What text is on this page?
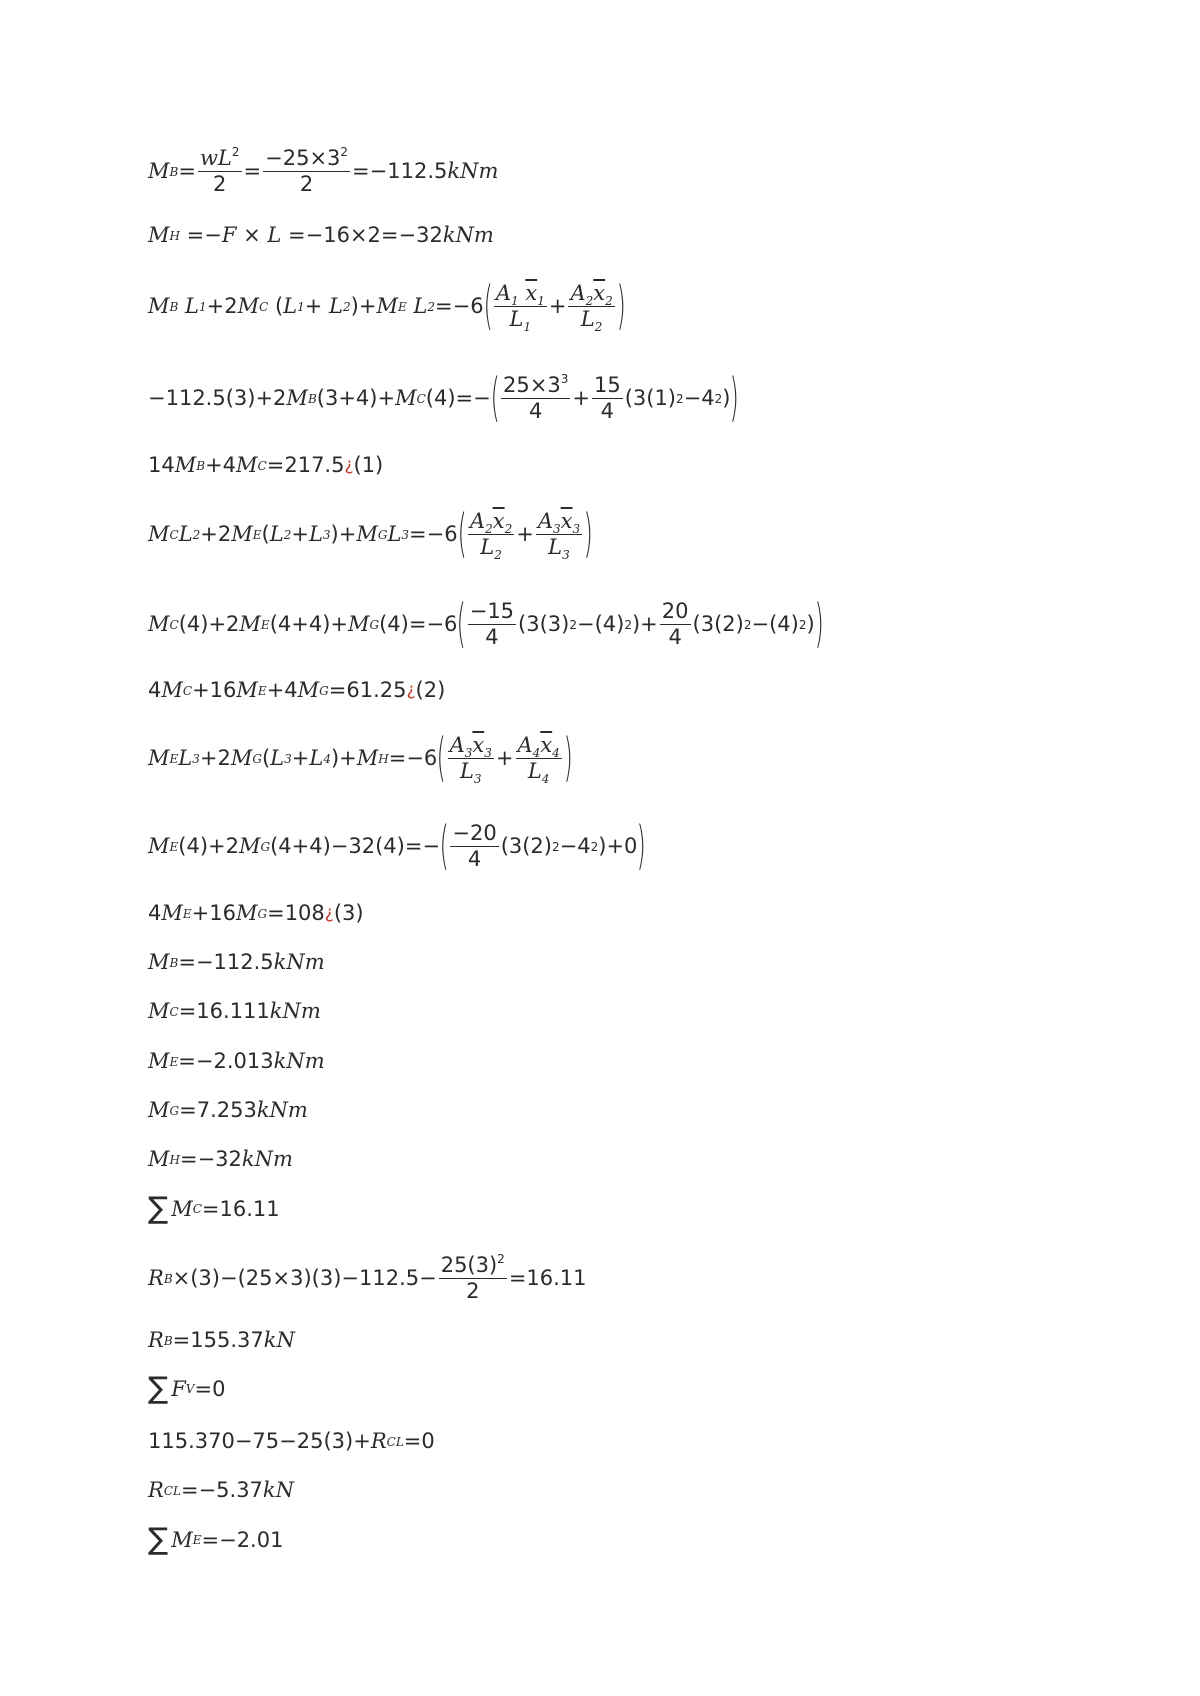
M B =
$wL^2$
2
=
$-25\times 3^2$
2
=−112.5 kNm
M H =− F × L =−16×2=−32 kNm
M B
L 1 +2 M C ( L 1 + L 2 )+ M E
L 2 =−6 ( $A_1$ $\overline{x}_1$
$L_1$
+
$A_2\overline{x}_2$
$L_2$ )
−112.5(3)+2 M B (3+4)+ M C (4)=− ( $25\times 3^3$
4
+
15
4
(3(1) 2 −4 2 ) )
14 M B +4 M C =217.5 ¿ (1)
M C L 2 +2 M E ( L 2 + L 3 )+ M G L 3 =−6 ( $A_2\overline{x}_2$
$L_2$
+
$A_3\overline{x}_3$
$L_3$ )
M C (4)+2 M E (4+4)+ M G (4)=−6 ( −15
4
(3(3) 2 −(4) 2 )+
20
4
(3(2) 2 −(4) 2 ) )
4 M C +16 M E +4 M G =61.25 ¿ (2)
M E L 3 +2 M G ( L 3 + L 4 )+ M H =−6 ( $A_3\overline{x}_3$
$L_3$
+
$A_4\overline{x}_4$
$L_4$ )
M E (4)+2 M G (4+4)−32(4)=− ( −20
4
(3(2) 2 −4 2 )+0 )
4 M E +16 M G =108 ¿ (3)
M B =−112.5 kNm
M C =16.111 kNm
M E =−2.013 kNm
M G =7.253 kNm
M H =−32 kNm
∑ M C =16.11
R B ×(3)−(25×3)(3)−112.5−
$25(3)^2$
2
=16.11
R B =155.37 kN
∑ F V =0
115.370−75−25(3)+ R CL =0
R CL =−5.37 kN
∑ M E =−2.01
